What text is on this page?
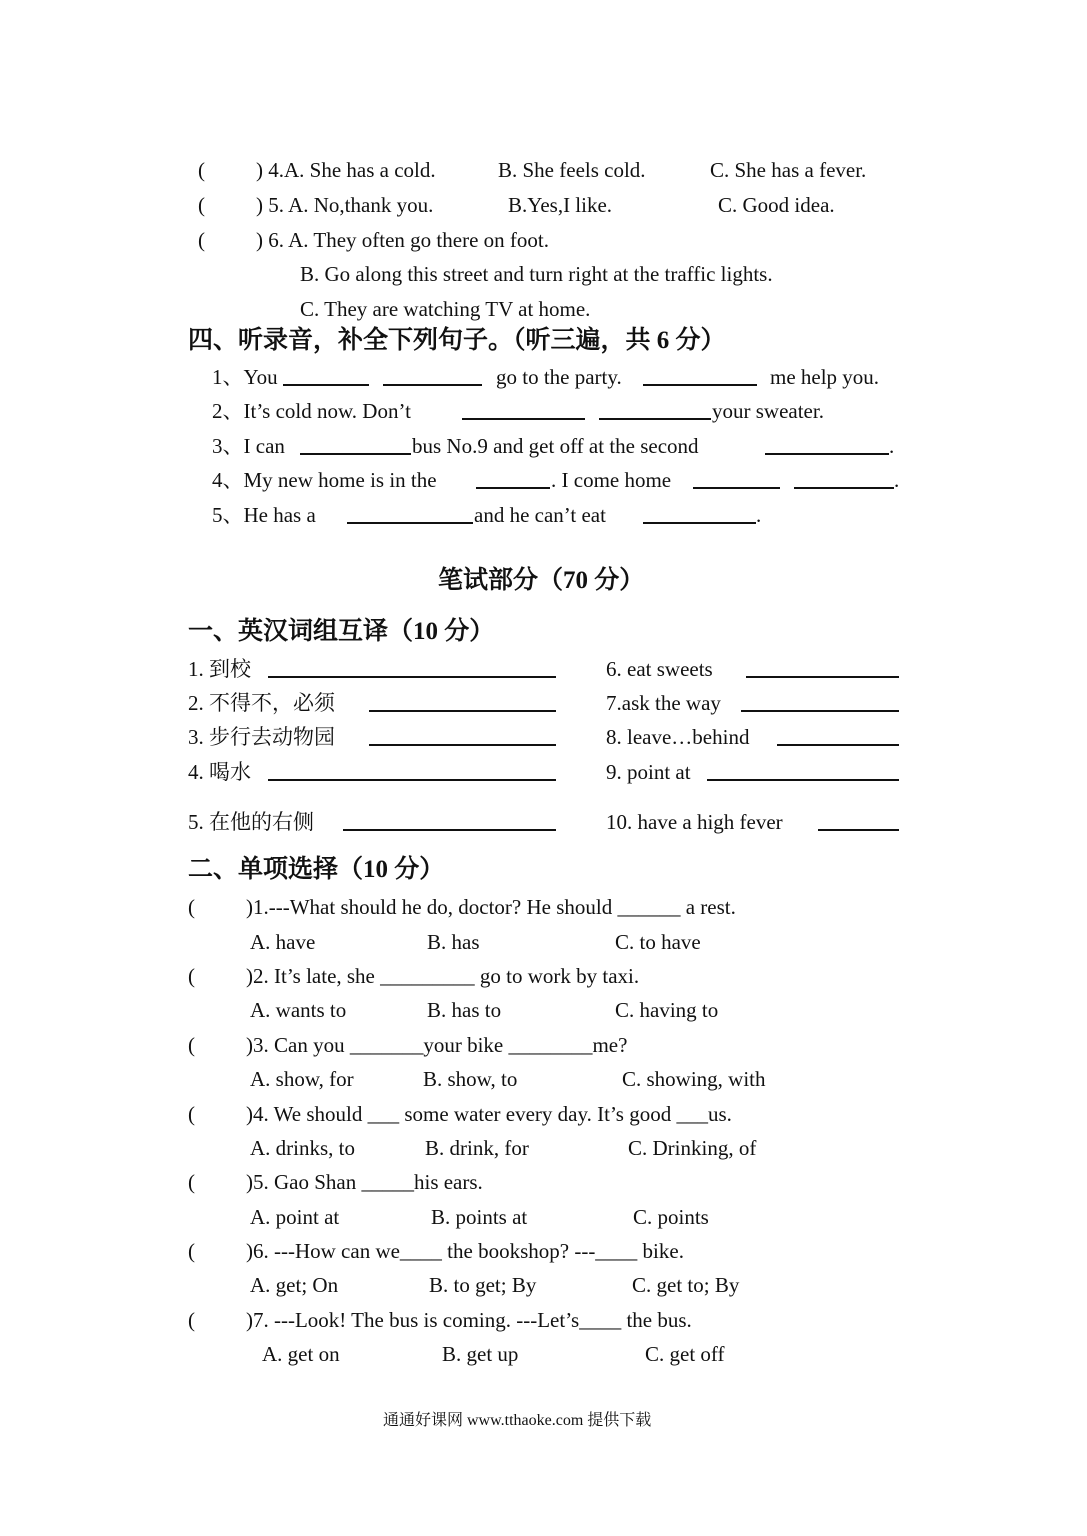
( ) 4.A. She has a cold.	B. She feels cold.	C. She has a fever.
( ) 5. A. No,thank you.	B.Yes,I like.	C. Good idea.
( ) 6. A. They often go there on foot.
B. Go along this street and turn right at the traffic lights.
C. They are watching TV at home.
四、听录音，补全下列句子。（听三遍，共 6 分）
1、You	go to the party.	me help you.
2、It’s cold now. Don’t	your sweater.
3、I can	bus No.9 and get off at the second	.
4、My new home is in the	. I come home	.
5、He has a	and he can’t eat	.
笔试部分（70 分）
一、英汉词组互译（10 分）
1. 到校
2. 不得不，必须
3. 步行去动物园
4. 喝水
5. 在他的右侧
6. eat sweets
7.ask the way
8. leave…behind
9. point at
10. have a high fever
二、单项选择（10 分）
( )1.---What should he do, doctor? He should ______ a rest.
A. have	B. has	C. to have
( )2. It’s late, she _________ go to work by taxi.
A. wants to	B. has to	C. having to
( )3. Can you _______your bike ________me?
A. show, for	B. show, to	C. showing, with
( )4. We should ___ some water every day. It’s good ___us.
A. drinks, to	B. drink, for	C. Drinking, of
( )5. Gao Shan _____his ears.
A. point at	B. points at	C. points
( )6. ---How can we____ the bookshop? ---____ bike.
A. get; On	B. to get; By	C. get to; By
( )7. ---Look! The bus is coming. ---Let’s____ the bus.
A. get on	B. get up	C. get off
通通好课网 www.tthaoke.com 提供下载
